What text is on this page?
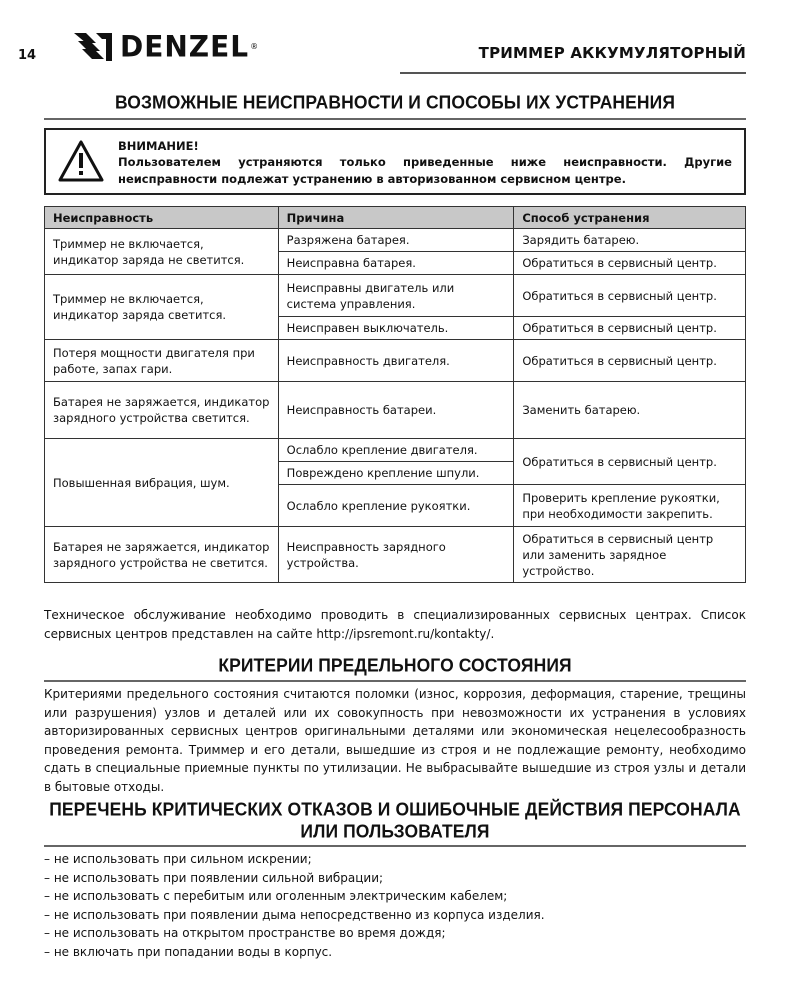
14	DENZEL ®	ТРИММЕР АККУМУЛЯТОРНЫЙ
ВОЗМОЖНЫЕ НЕИСПРАВНОСТИ И СПОСОБЫ ИХ УСТРАНЕНИЯ
ВНИМАНИЕ!
Пользователем устраняются только приведенные ниже неисправности. Другие неисправности подлежат устранению в авторизованном сервисном центре.
Неисправность	Причина	Способ устранения
Триммер не включается, индикатор заряда не светится.	Разряжена батарея.	Зарядить батарею.
	Неисправна батарея.	Обратиться в сервисный центр.
Триммер не включается, индикатор заряда светится.	Неисправны двигатель или система управления.	Обратиться в сервисный центр.
	Неисправен выключатель.	Обратиться в сервисный центр.
Потеря мощности двигателя при работе, запах гари.	Неисправность двигателя.	Обратиться в сервисный центр.
Батарея не заряжается, индикатор зарядного устройства светится.	Неисправность батареи.	Заменить батарею.
Повышенная вибрация, шум.	Ослабло крепление двигателя.	Обратиться в сервисный центр.
	Повреждено крепление шпули.	
	Ослабло крепление рукоятки.	Проверить крепление рукоятки, при необходимости закрепить.
Батарея не заряжается, индикатор зарядного устройства не светится.	Неисправность зарядного устройства.	Обратиться в сервисный центр или заменить зарядное устройство.
Техническое обслуживание необходимо проводить в специализированных сервисных центрах. Список сервисных центров представлен на сайте http://ipsremont.ru/kontakty/.
КРИТЕРИИ ПРЕДЕЛЬНОГО СОСТОЯНИЯ
Критериями предельного состояния считаются поломки (износ, коррозия, деформация, старение, трещины или разрушения) узлов и деталей или их совокупность при невозможности их устранения в условиях авторизированных сервисных центров оригинальными деталями или экономическая нецелесообразность проведения ремонта. Триммер и его детали, вышедшие из строя и не подлежащие ремонту, необходимо сдать в специальные приемные пункты по утилизации. Не выбрасывайте вышедшие из строя узлы и детали в бытовые отходы.
ПЕРЕЧЕНЬ КРИТИЧЕСКИХ ОТКАЗОВ И ОШИБОЧНЫЕ ДЕЙСТВИЯ ПЕРСОНАЛА
ИЛИ ПОЛЬЗОВАТЕЛЯ
– не использовать при сильном искрении;
– не использовать при появлении сильной вибрации;
– не использовать с перебитым или оголенным электрическим кабелем;
– не использовать при появлении дыма непосредственно из корпуса изделия.
– не использовать на открытом пространстве во время дождя;
– не включать при попадании воды в корпус.
